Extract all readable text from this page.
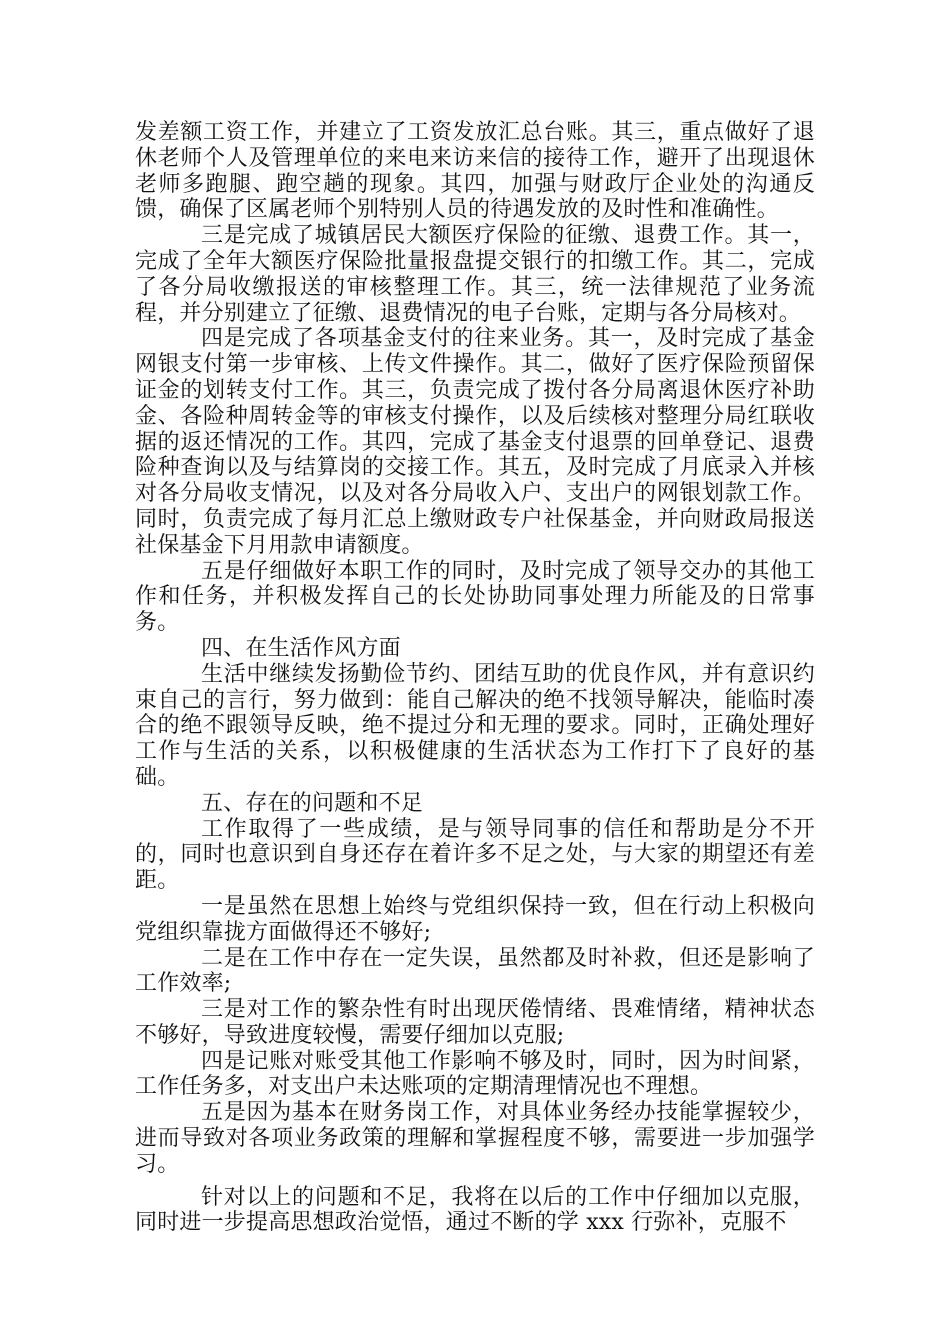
发差额工资工作，并建立了工资发放汇总台账。其三，重点做好了退休老师个人及管理单位的来电来访来信的接待工作，避开了出现退休老师多跑腿、跑空趟的现象。其四，加强与财政厅企业处的沟通反馈，确保了区属老师个别特别人员的待遇发放的及时性和准确性。

三是完成了城镇居民大额医疗保险的征缴、退费工作。其一，完成了全年大额医疗保险批量报盘提交银行的扣缴工作。其二，完成了各分局收缴报送的审核整理工作。其三，统一法律规范了业务流程，并分别建立了征缴、退费情况的电子台账，定期与各分局核对。

四是完成了各项基金支付的往来业务。其一，及时完成了基金网银支付第一步审核、上传文件操作。其二，做好了医疗保险预留保证金的划转支付工作。其三，负责完成了拨付各分局离退休医疗补助金、各险种周转金等的审核支付操作，以及后续核对整理分局红联收据的返还情况的工作。其四，完成了基金支付退票的回单登记、退费险种查询以及与结算岗的交接工作。其五，及时完成了月底录入并核对各分局收支情况，以及对各分局收入户、支出户的网银划款工作。同时，负责完成了每月汇总上缴财政专户社保基金，并向财政局报送社保基金下月用款申请额度。

五是仔细做好本职工作的同时，及时完成了领导交办的其他工作和任务，并积极发挥自己的长处协助同事处理力所能及的日常事务。

四、在生活作风方面

生活中继续发扬勤俭节约、团结互助的优良作风，并有意识约束自己的言行，努力做到：能自己解决的绝不找领导解决，能临时凑合的绝不跟领导反映，绝不提过分和无理的要求。同时，正确处理好工作与生活的关系，以积极健康的生活状态为工作打下了良好的基础。

五、存在的问题和不足

工作取得了一些成绩，是与领导同事的信任和帮助是分不开的，同时也意识到自身还存在着许多不足之处，与大家的期望还有差距。

一是虽然在思想上始终与党组织保持一致，但在行动上积极向党组织靠拢方面做得还不够好;

二是在工作中存在一定失误，虽然都及时补救，但还是影响了工作效率;

三是对工作的繁杂性有时出现厌倦情绪、畏难情绪，精神状态不够好，导致进度较慢，需要仔细加以克服;

四是记账对账受其他工作影响不够及时，同时，因为时间紧，工作任务多，对支出户未达账项的定期清理情况也不理想。

五是因为基本在财务岗工作，对具体业务经办技能掌握较少，进而导致对各项业务政策的理解和掌握程度不够，需要进一步加强学习。

针对以上的问题和不足，我将在以后的工作中仔细加以克服，同时进一步提高思想政治觉悟，通过不断的学 xxx 行弥补，克服不
